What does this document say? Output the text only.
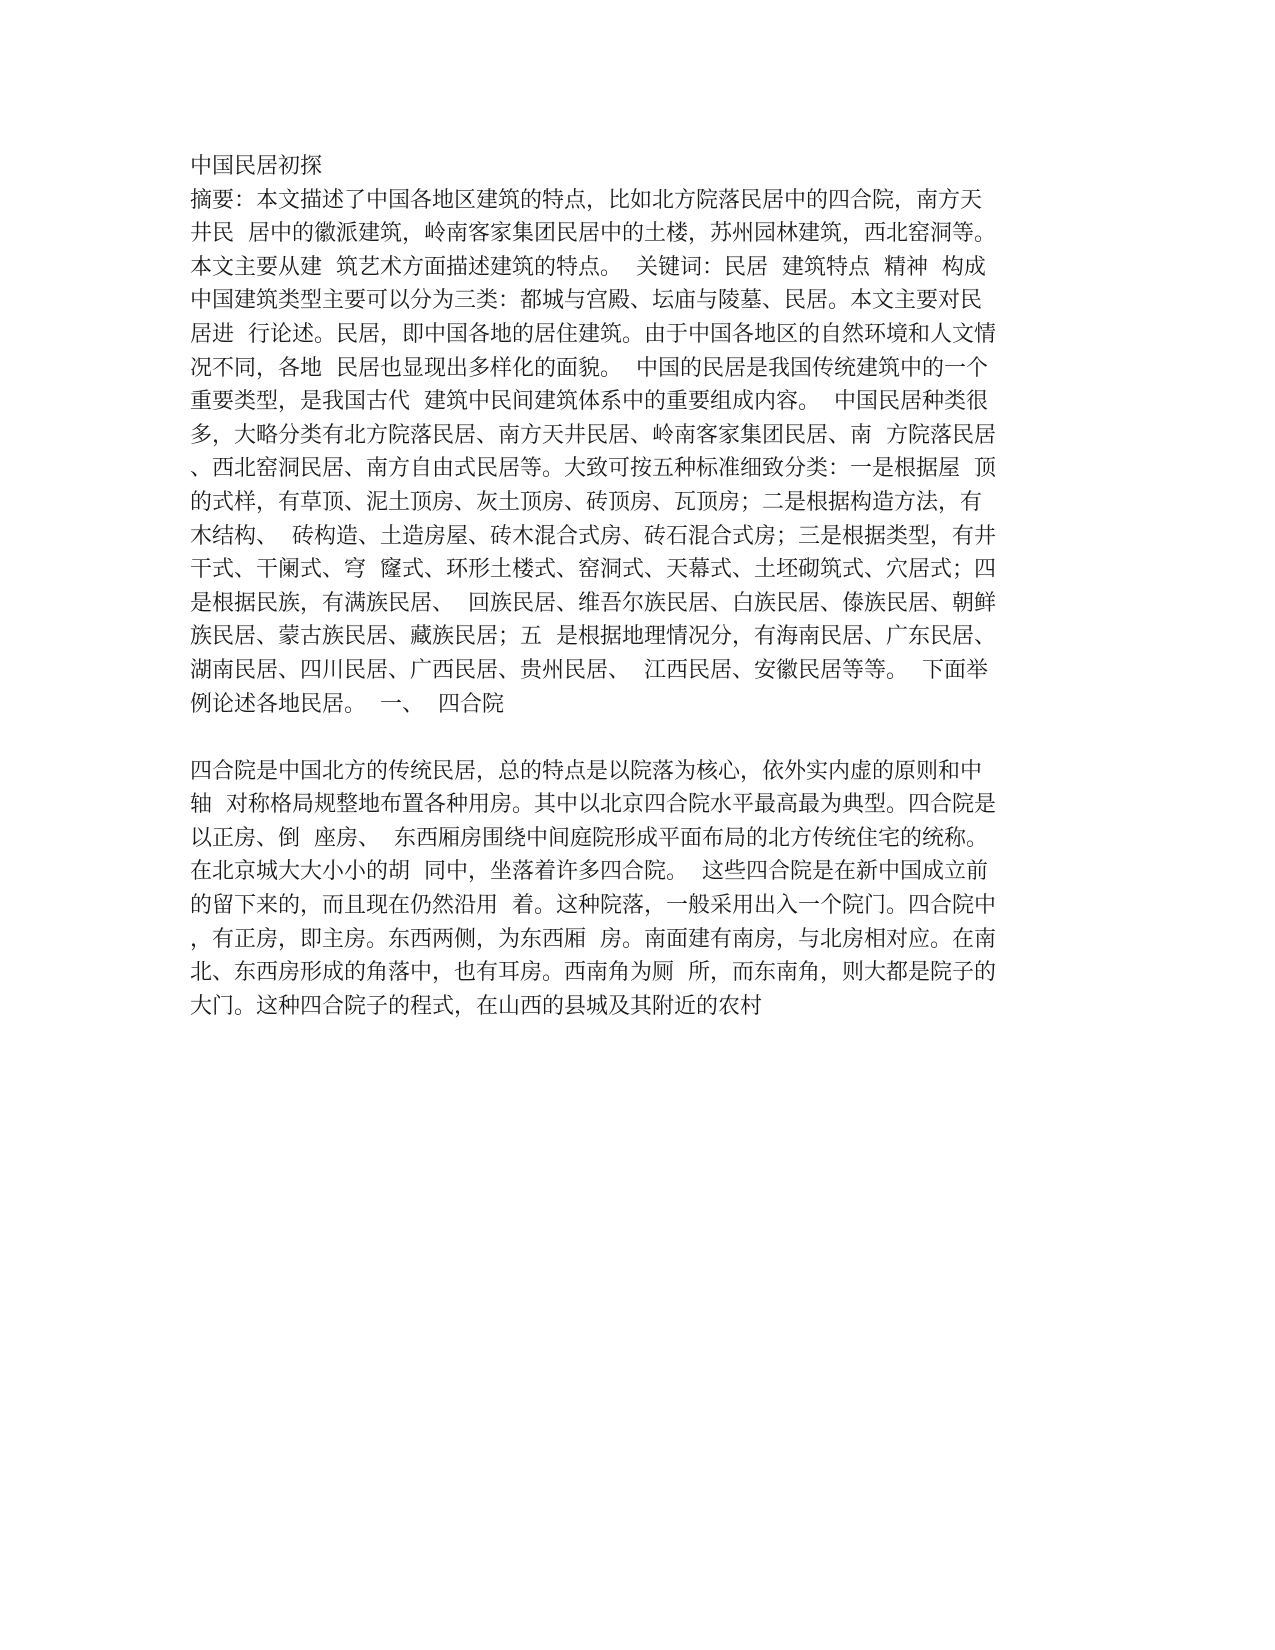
中国民居初探
摘要：本文描述了中国各地区建筑的特点，比如北方院落民居中的四合院，南方天
井民  居中的徽派建筑，岭南客家集团民居中的土楼，苏州园林建筑，西北窑洞等。
本文主要从建  筑艺术方面描述建筑的特点。  关键词：民居  建筑特点  精神  构成
中国建筑类型主要可以分为三类：都城与宫殿、坛庙与陵墓、民居。本文主要对民
居进  行论述。民居，即中国各地的居住建筑。由于中国各地区的自然环境和人文情
况不同，各地  民居也显现出多样化的面貌。  中国的民居是我国传统建筑中的一个
重要类型，是我国古代  建筑中民间建筑体系中的重要组成内容。  中国民居种类很
多，大略分类有北方院落民居、南方天井民居、岭南客家集团民居、南  方院落民居
、西北窑洞民居、南方自由式民居等。大致可按五种标准细致分类：一是根据屋  顶
的式样，有草顶、泥土顶房、灰土顶房、砖顶房、瓦顶房；二是根据构造方法，有
木结构、  砖构造、土造房屋、砖木混合式房、砖石混合式房；三是根据类型，有井
干式、干阑式、穹  窿式、环形土楼式、窑洞式、天幕式、土坯砌筑式、穴居式；四
是根据民族，有满族民居、  回族民居、维吾尔族民居、白族民居、傣族民居、朝鲜
族民居、蒙古族民居、藏族民居；五  是根据地理情况分，有海南民居、广东民居、
湖南民居、四川民居、广西民居、贵州民居、  江西民居、安徽民居等等。  下面举
例论述各地民居。  一、  四合院
四合院是中国北方的传统民居，总的特点是以院落为核心，依外实内虚的原则和中
轴  对称格局规整地布置各种用房。其中以北京四合院水平最高最为典型。四合院是
以正房、倒  座房、  东西厢房围绕中间庭院形成平面布局的北方传统住宅的统称。
在北京城大大小小的胡  同中，坐落着许多四合院。  这些四合院是在新中国成立前
的留下来的，而且现在仍然沿用  着。这种院落，一般采用出入一个院门。四合院中
，有正房，即主房。东西两侧，为东西厢  房。南面建有南房，与北房相对应。在南
北、东西房形成的角落中，也有耳房。西南角为厕  所，而东南角，则大都是院子的
大门。这种四合院子的程式，在山西的县城及其附近的农村
